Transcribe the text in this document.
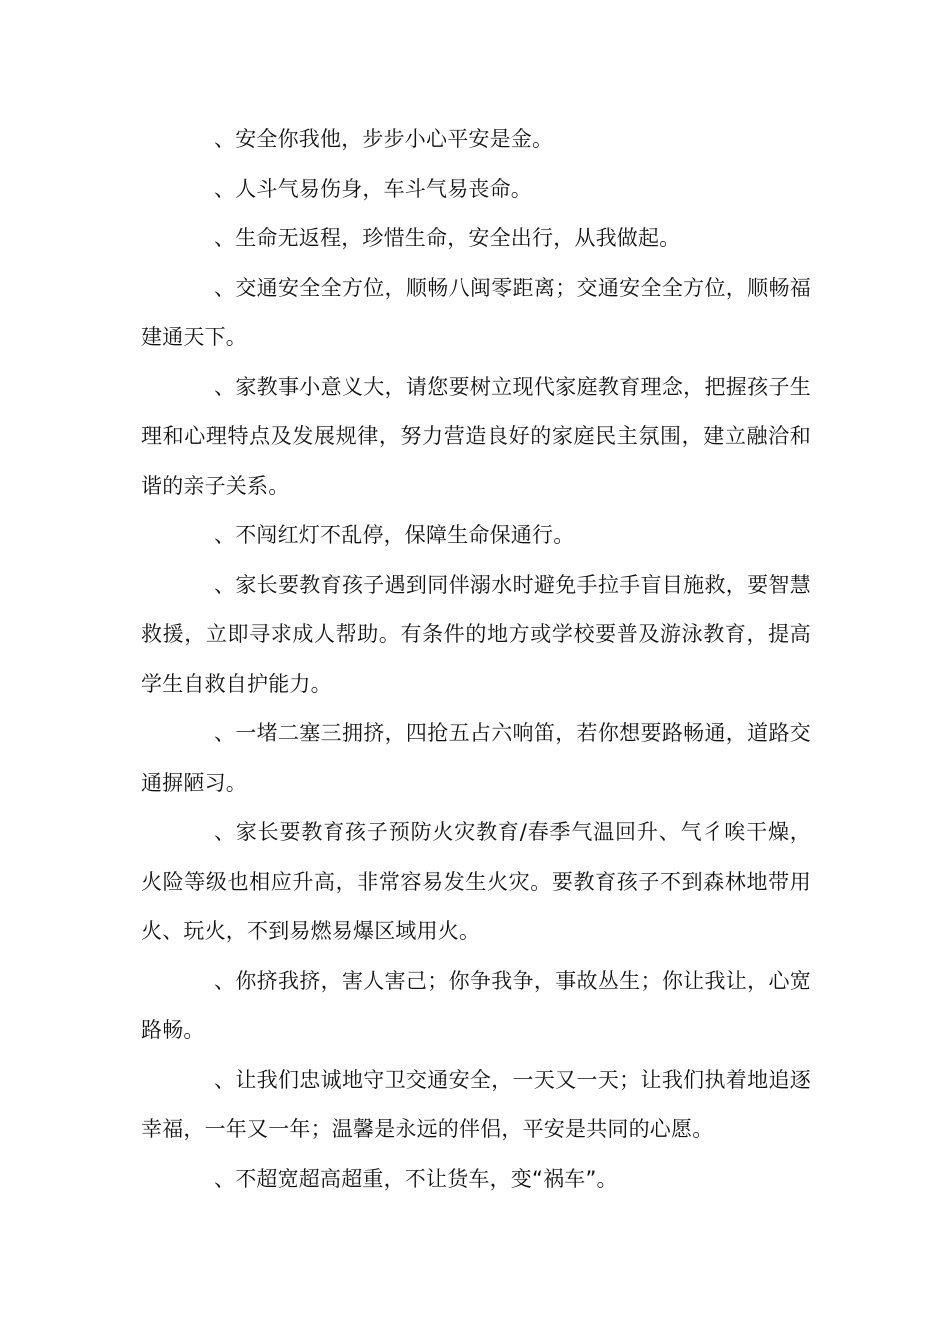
、安全你我他，步步小心平安是金。

、人斗气易伤身，车斗气易丧命。

、生命无返程，珍惜生命，安全出行，从我做起。

、交通安全全方位，顺畅八闽零距离；交通安全全方位，顺畅福建通天下。

、家教事小意义大，请您要树立现代家庭教育理念，把握孩子生理和心理特点及发展规律，努力营造良好的家庭民主氛围，建立融洽和谐的亲子关系。

、不闯红灯不乱停，保障生命保通行。

、家长要教育孩子遇到同伴溺水时避免手拉手盲目施救，要智慧救援，立即寻求成人帮助。有条件的地方或学校要普及游泳教育，提高学生自救自护能力。

、一堵二塞三拥挤，四抢五占六响笛，若你想要路畅通，道路交通摒陋习。

、家长要教育孩子预防火灾教育/春季气温回升、气彳唉干燥，火险等级也相应升高，非常容易发生火灾。要教育孩子不到森林地带用火、玩火，不到易燃易爆区域用火。

、你挤我挤，害人害己；你争我争，事故丛生；你让我让，心宽路畅。

、让我们忠诚地守卫交通安全，一天又一天；让我们执着地追逐幸福，一年又一年；温馨是永远的伴侣，平安是共同的心愿。

、不超宽超高超重，不让货车，变“祸车”。
